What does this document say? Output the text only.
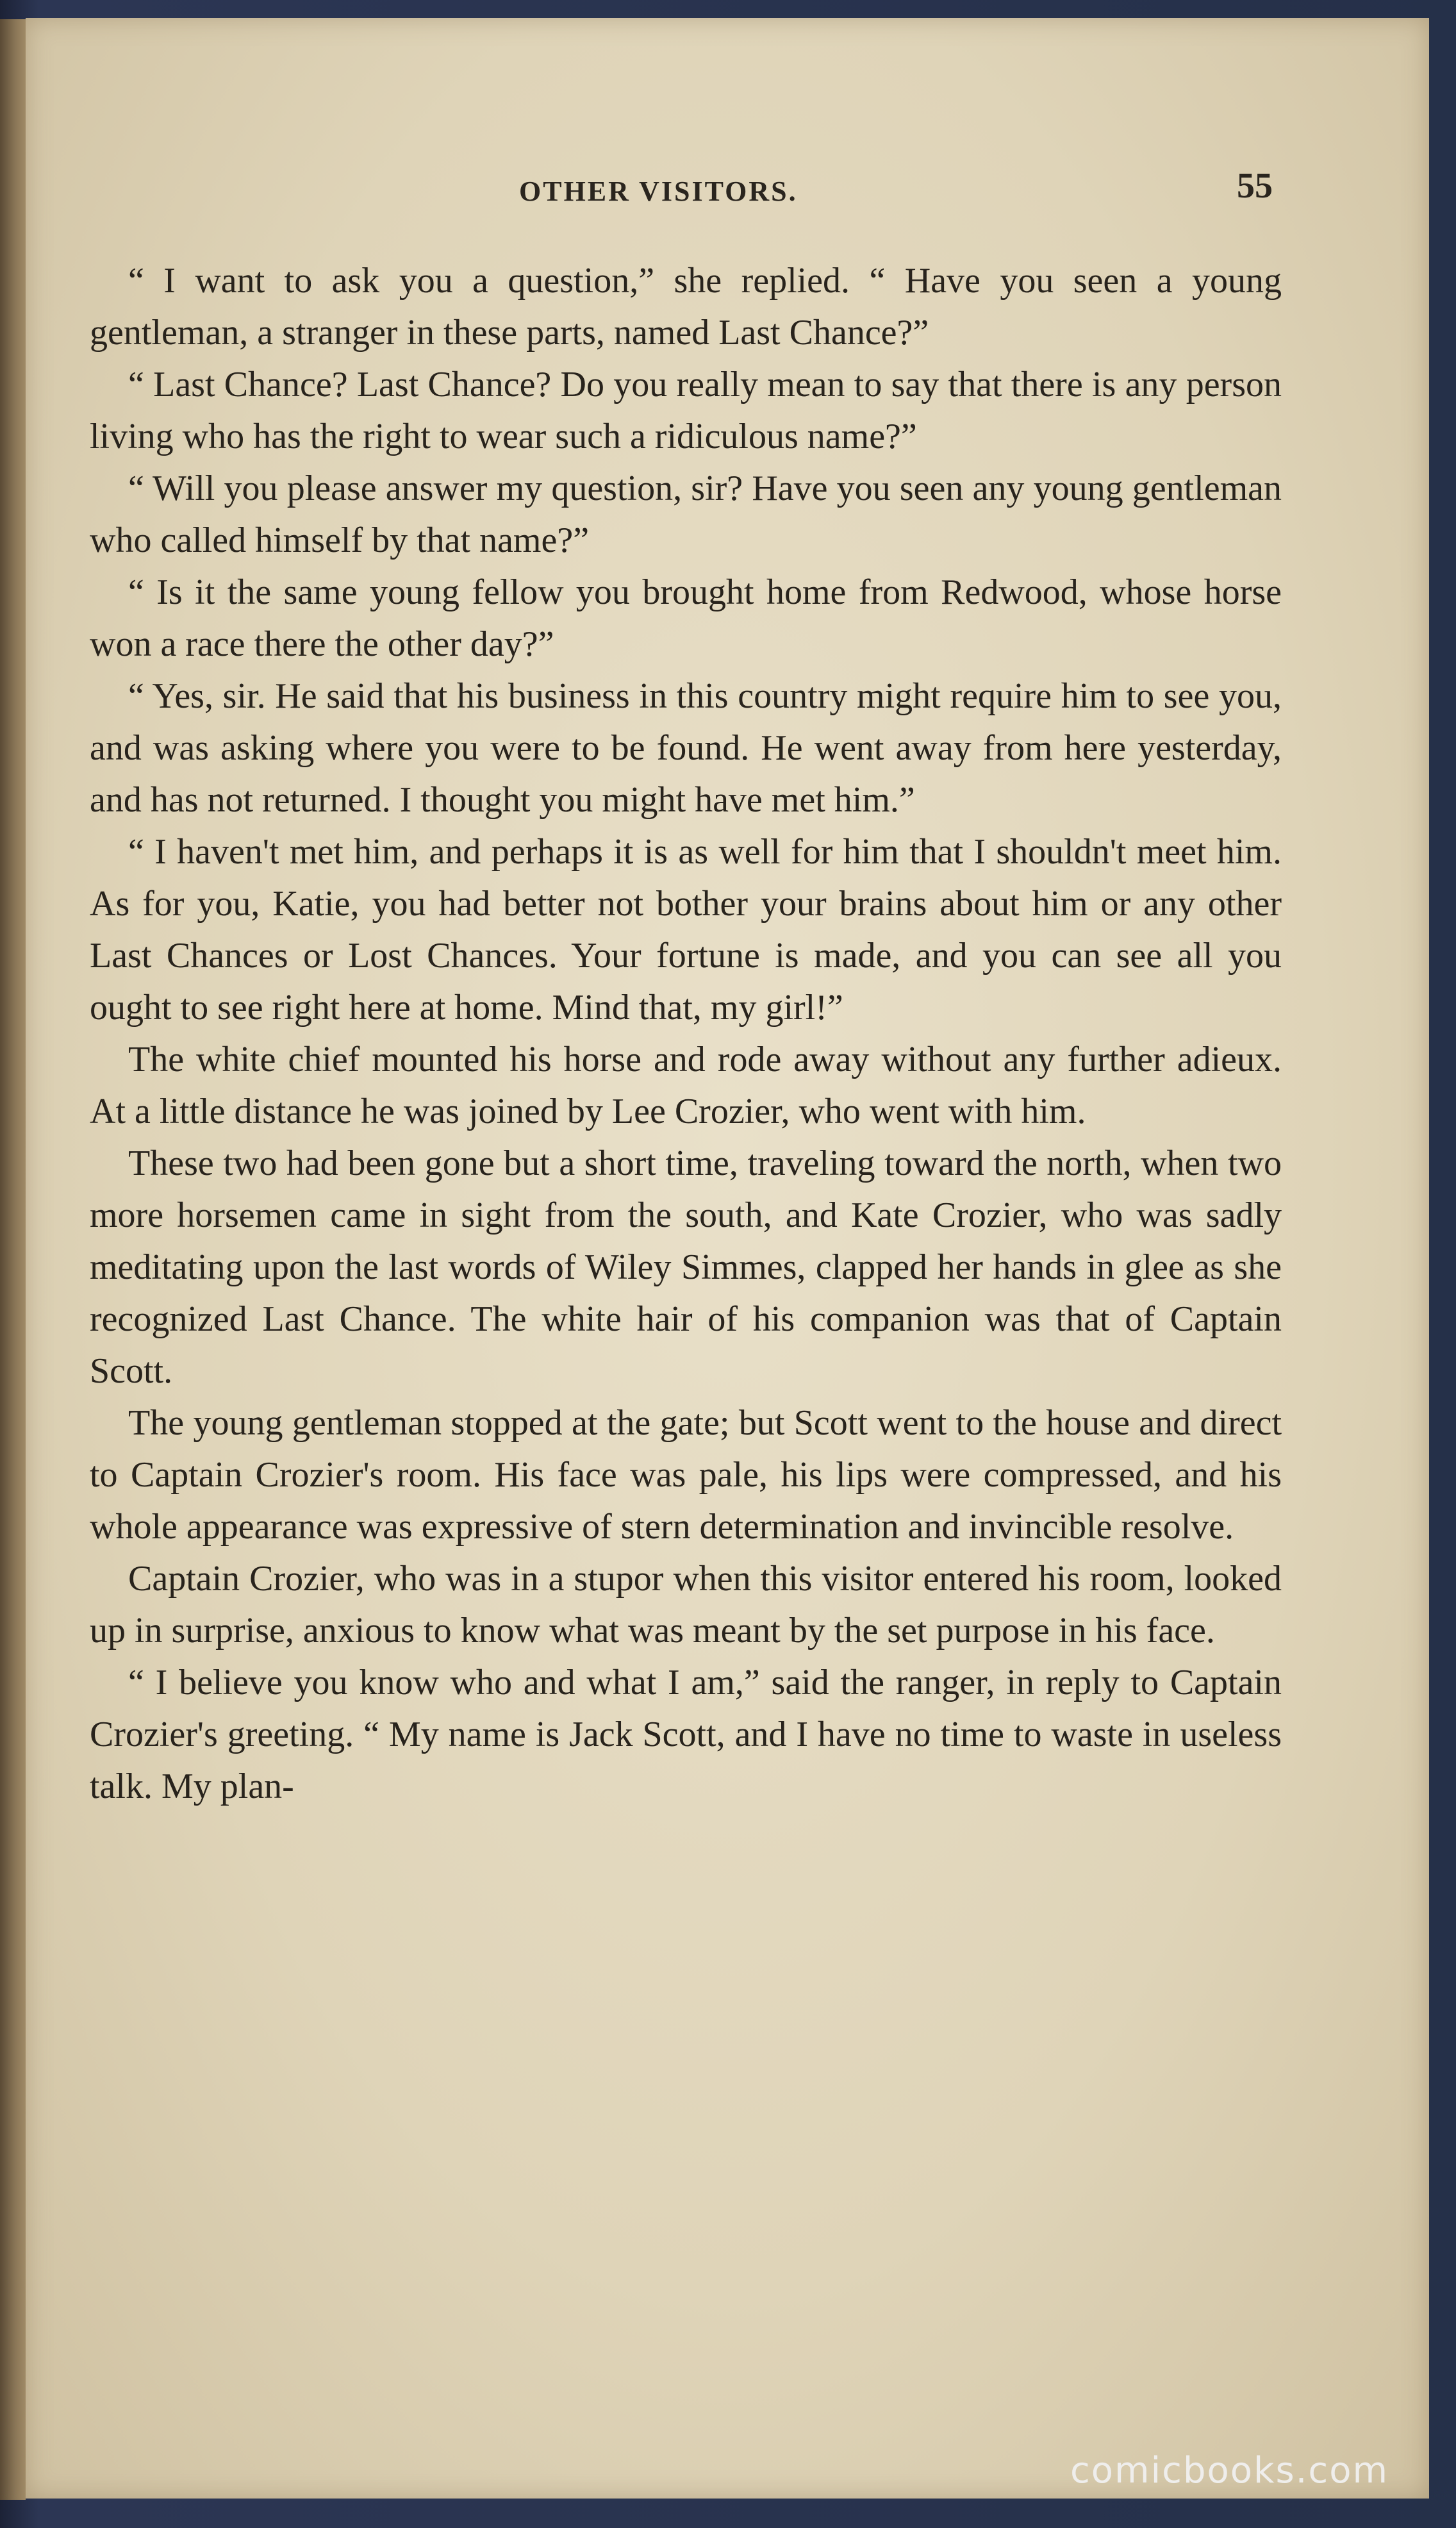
OTHER VISITORS.	55

“ I want to ask you a question,” she replied. “ Have you seen a young gentleman, a stranger in these parts, named Last Chance?”

“ Last Chance? Last Chance? Do you really mean to say that there is any person living who has the right to wear such a ridiculous name?”

“ Will you please answer my question, sir? Have you seen any young gentleman who called himself by that name?”

“ Is it the same young fellow you brought home from Redwood, whose horse won a race there the other day?”

“ Yes, sir. He said that his business in this country might require him to see you, and was asking where you were to be found. He went away from here yesterday, and has not returned. I thought you might have met him.”

“ I haven't met him, and perhaps it is as well for him that I shouldn't meet him. As for you, Katie, you had better not bother your brains about him or any other Last Chances or Lost Chances. Your fortune is made, and you can see all you ought to see right here at home. Mind that, my girl!”

The white chief mounted his horse and rode away without any further adieux. At a little distance he was joined by Lee Crozier, who went with him.

These two had been gone but a short time, traveling toward the north, when two more horsemen came in sight from the south, and Kate Crozier, who was sadly meditating upon the last words of Wiley Simmes, clapped her hands in glee as she recognized Last Chance. The white hair of his companion was that of Captain Scott.

The young gentleman stopped at the gate; but Scott went to the house and direct to Captain Crozier's room. His face was pale, his lips were compressed, and his whole appearance was expressive of stern determination and invincible resolve.

Captain Crozier, who was in a stupor when this visitor entered his room, looked up in surprise, anxious to know what was meant by the set purpose in his face.

“ I believe you know who and what I am,” said the ranger, in reply to Captain Crozier's greeting. “ My name is Jack Scott, and I have no time to waste in useless talk. My plan-

comicbooks.com
